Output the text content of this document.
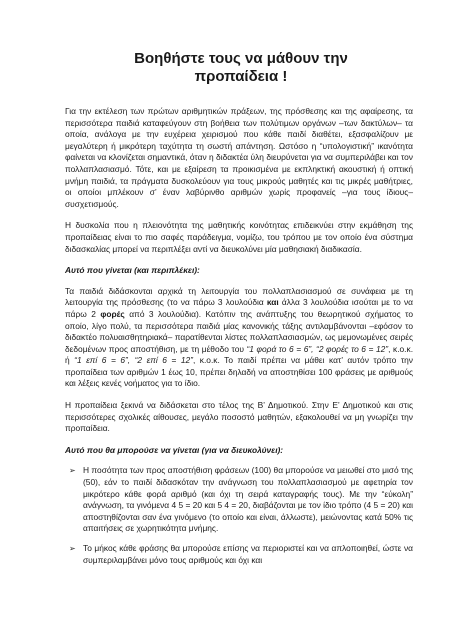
Βοηθήστε τους να μάθουν την
προπαίδεια !

Για την εκτέλεση των πρώτων αριθμητικών πράξεων, της πρόσθεσης και της αφαίρεσης, τα περισσότερα παιδιά καταφεύγουν στη βοήθεια των πολύτιμων οργάνων –των δακτύλων– τα οποία, ανάλογα με την ευχέρεια χειρισμού που κάθε παιδί διαθέτει, εξασφαλίζουν με μεγαλύτερη ή μικρότερη ταχύτητα τη σωστή απάντηση. Ωστόσο η “υπολογιστική” ικανότητα φαίνεται να κλονίζεται σημαντικά, όταν η διδακτέα ύλη διευρύνεται για να συμπεριλάβει και τον πολλαπλασιασμό. Τότε, και με εξαίρεση τα προικισμένα με εκπληκτική ακουστική ή οπτική μνήμη παιδιά, τα πράγματα δυσκολεύουν για τους μικρούς μαθητές και τις μικρές μαθήτριες, οι οποίοι μπλέκουν σ’ έναν λαβύρινθο αριθμών χωρίς προφανείς –για τους ίδιους– συσχετισμούς.

Η δυσκολία που η πλειονότητα της μαθητικής κοινότητας επιδεικνύει στην εκμάθηση της προπαίδειας είναι το πιο σαφές παράδειγμα, νομίζω, του τρόπου με τον οποίο ένα σύστημα διδασκαλίας μπορεί να περιπλέξει αντί να διευκολύνει μία μαθησιακή διαδικασία.

Αυτό που γίνεται (και περιπλέκει):

Τα παιδιά διδάσκονται αρχικά τη λειτουργία του πολλαπλασιασμού σε συνάφεια με τη λειτουργία της πρόσθεσης (το να πάρω 3 λουλούδια και άλλα 3 λουλούδια ισούται με το να πάρω 2 φορές από 3 λουλούδια). Κατόπιν της ανάπτυξης του θεωρητικού σχήματος το οποίο, λίγο πολύ, τα περισσότερα παιδιά μίας κανονικής τάξης αντιλαμβάνονται –εφόσον το διδακτέο πολυαισθητηριακά– παρατίθενται λίστες πολλαπλασιασμών, ως μεμονωμένες σειρές δεδομένων προς αποστήθιση, με τη μέθοδο του “1 φορά το 6 = 6”, “2 φορές το 6 = 12”, κ.ο.κ. ή “1 επί 6 = 6”, “2 επί 6 = 12”, κ.ο.κ. Το παιδί πρέπει να μάθει κατ’ αυτόν τρόπο την προπαίδεια των αριθμών 1 έως 10, πρέπει δηλαδή να αποστηθίσει 100 φράσεις με αριθμούς και λέξεις κενές νοήματος για το ίδιο.

Η προπαίδεια ξεκινά να διδάσκεται στο τέλος της Β’ Δημοτικού. Στην Ε’ Δημοτικού και στις περισσότερες σχολικές αίθουσες, μεγάλο ποσοστό μαθητών, εξακολουθεί να μη γνωρίζει την προπαίδεια.

Αυτό που θα μπορούσε να γίνεται (για να διευκολύνει):
➢ Η ποσότητα των προς αποστήθιση φράσεων (100) θα μπορούσε να μειωθεί στο μισό της (50), εάν το παιδί διδασκόταν την ανάγνωση του πολλαπλασιασμού με αφετηρία τον μικρότερο κάθε φορά αριθμό (και όχι τη σειρά καταγραφής τους). Με την “εύκολη” ανάγνωση, τα γινόμενα 4 5 = 20 και 5 4 = 20, διαβάζονται με τον ίδιο τρόπο (4 5 = 20) και αποστηθίζονται σαν ένα γινόμενο (το οποίο και είναι, άλλωστε), μειώνοντας κατά 50% τις απαιτήσεις σε χωρητικότητα μνήμης.
➢ Το μήκος κάθε φράσης θα μπορούσε επίσης να περιοριστεί και να απλοποιηθεί, ώστε να συμπεριλαμβάνει μόνο τους αριθμούς και όχι και
